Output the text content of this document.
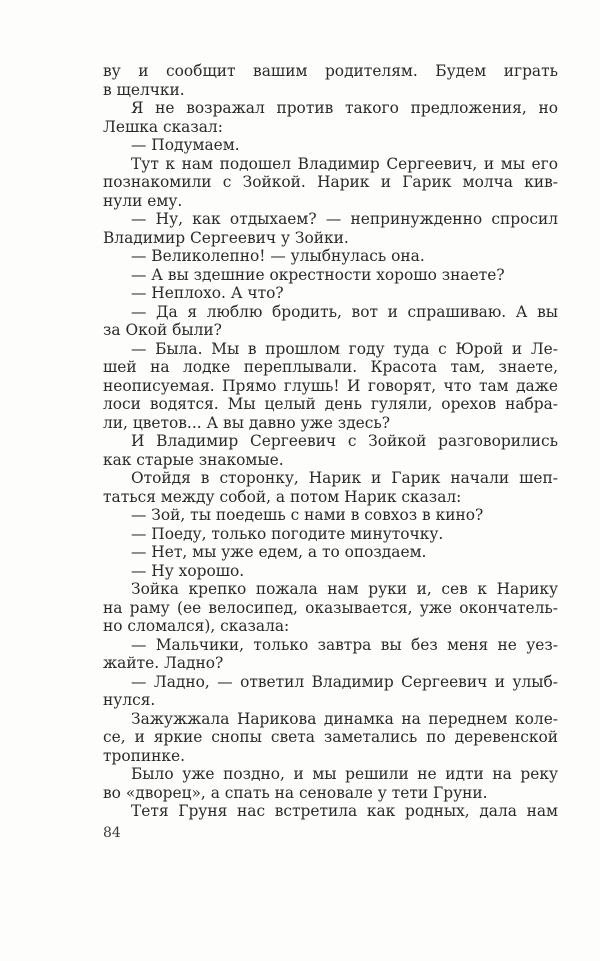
ву и сообщит вашим родителям. Будем играть
в щелчки.
Я не возражал против такого предложения, но
Лешка сказал:
— Подумаем.
Тут к нам подошел Владимир Сергеевич, и мы его
познакомили с Зойкой. Нарик и Гарик молча кив-
нули ему.
— Ну, как отдыхаем? — непринужденно спросил
Владимир Сергеевич у Зойки.
— Великолепно! — улыбнулась она.
— А вы здешние окрестности хорошо знаете?
— Неплохо. А что?
— Да я люблю бродить, вот и спрашиваю. А вы
за Окой были?
— Была. Мы в прошлом году туда с Юрой и Ле-
шей на лодке переплывали. Красота там, знаете,
неописуемая. Прямо глушь! И говорят, что там даже
лоси водятся. Мы целый день гуляли, орехов набра-
ли, цветов... А вы давно уже здесь?
И Владимир Сергеевич с Зойкой разговорились
как старые знакомые.
Отойдя в сторонку, Нарик и Гарик начали шеп-
таться между собой, а потом Нарик сказал:
— Зой, ты поедешь с нами в совхоз в кино?
— Поеду, только погодите минуточку.
— Нет, мы уже едем, а то опоздаем.
— Ну хорошо.
Зойка крепко пожала нам руки и, сев к Нарику
на раму (ее велосипед, оказывается, уже окончатель-
но сломался), сказала:
— Мальчики, только завтра вы без меня не уез-
жайте. Ладно?
— Ладно, — ответил Владимир Сергеевич и улыб-
нулся.
Зажужжала Нарикова динамка на переднем коле-
се, и яркие снопы света заметались по деревенской
тропинке.
Было уже поздно, и мы решили не идти на реку
во «дворец», а спать на сеновале у тети Груни.
Тетя Груня нас встретила как родных, дала нам
84
